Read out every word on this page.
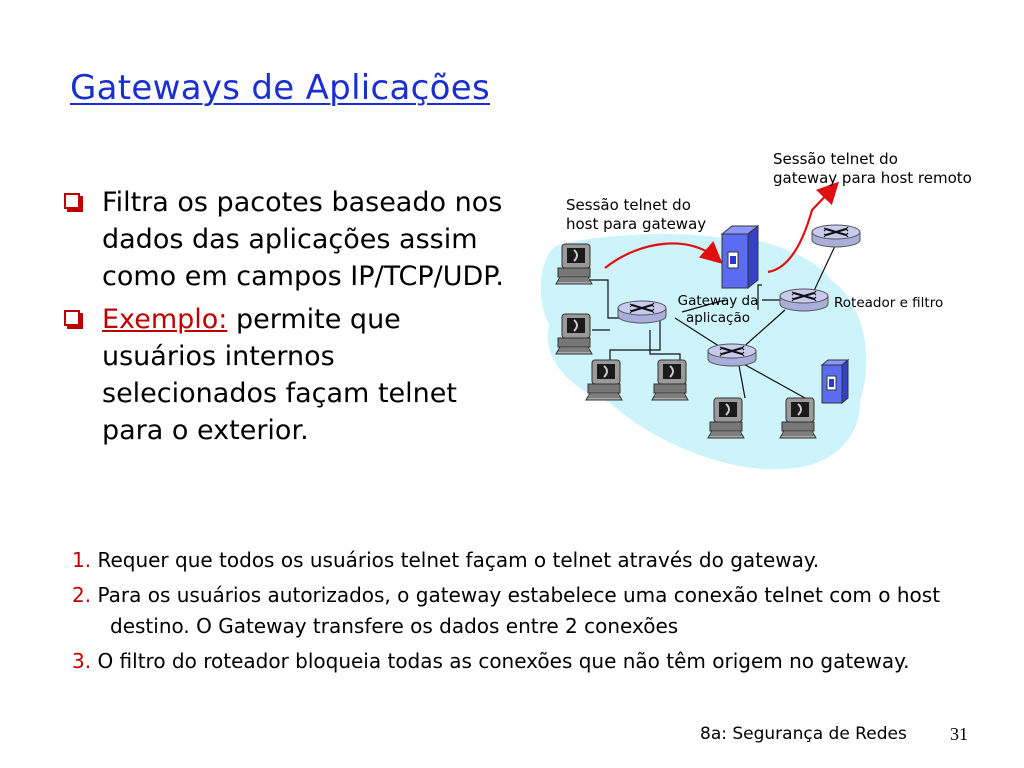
Gateways de Aplicações
Filtra os pacotes baseado nos dados das aplicações assim como em campos IP/TCP/UDP.
Exemplo: permite que usuários internos selecionados façam telnet para o exterior.
Sessão telnet do
host para gateway
Sessão telnet do
gateway para host remoto
Gateway da
aplicação
Roteador e filtro
1. Requer que todos os usuários telnet façam o telnet através do gateway.
2. Para os usuários autorizados, o gateway estabelece uma conexão telnet com o host destino. O Gateway transfere os dados entre 2 conexões
3. O filtro do roteador bloqueia todas as conexões que não têm origem no gateway.
8a: Segurança de Redes 31
